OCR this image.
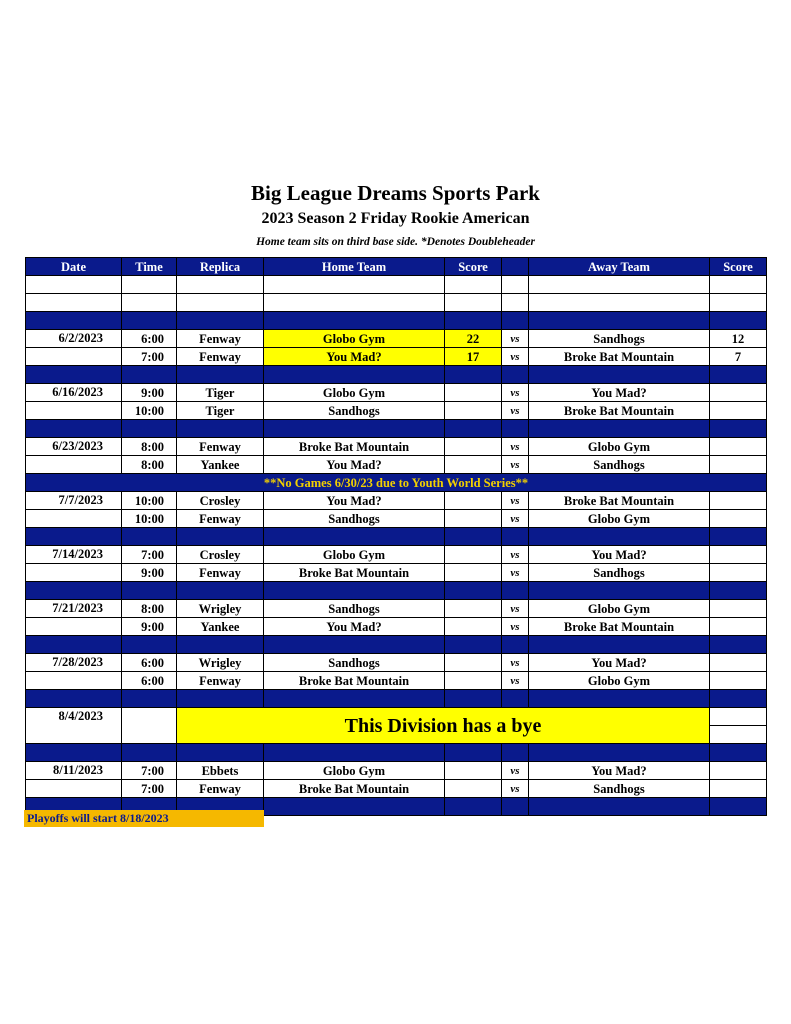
Big League Dreams Sports Park
2023 Season 2 Friday Rookie American
Home team sits on third base side. *Denotes Doubleheader
Date	Time	Replica	Home Team	Score		Away Team	Score

6/2/2023	6:00	Fenway	Globo Gym	22	vs	Sandhogs	12
	7:00	Fenway	You Mad?	17	vs	Broke Bat Mountain	7

6/16/2023	9:00	Tiger	Globo Gym		vs	You Mad?	
	10:00	Tiger	Sandhogs		vs	Broke Bat Mountain	

6/23/2023	8:00	Fenway	Broke Bat Mountain		vs	Globo Gym	
	8:00	Yankee	You Mad?		vs	Sandhogs	
**No Games 6/30/23 due to Youth World Series**							
7/7/2023	10:00	Crosley	You Mad?		vs	Broke Bat Mountain	
	10:00	Fenway	Sandhogs		vs	Globo Gym	

7/14/2023	7:00	Crosley	Globo Gym		vs	You Mad?	
	9:00	Fenway	Broke Bat Mountain		vs	Sandhogs	

7/21/2023	8:00	Wrigley	Sandhogs		vs	Globo Gym	
	9:00	Yankee	You Mad?		vs	Broke Bat Mountain	

7/28/2023	6:00	Wrigley	Sandhogs		vs	You Mad?	
	6:00	Fenway	Broke Bat Mountain		vs	Globo Gym	

8/4/2023		This Division has a bye					

8/11/2023	7:00	Ebbets	Globo Gym		vs	You Mad?	
	7:00	Fenway	Broke Bat Mountain		vs	Sandhogs	

Playoffs will start 8/18/2023
